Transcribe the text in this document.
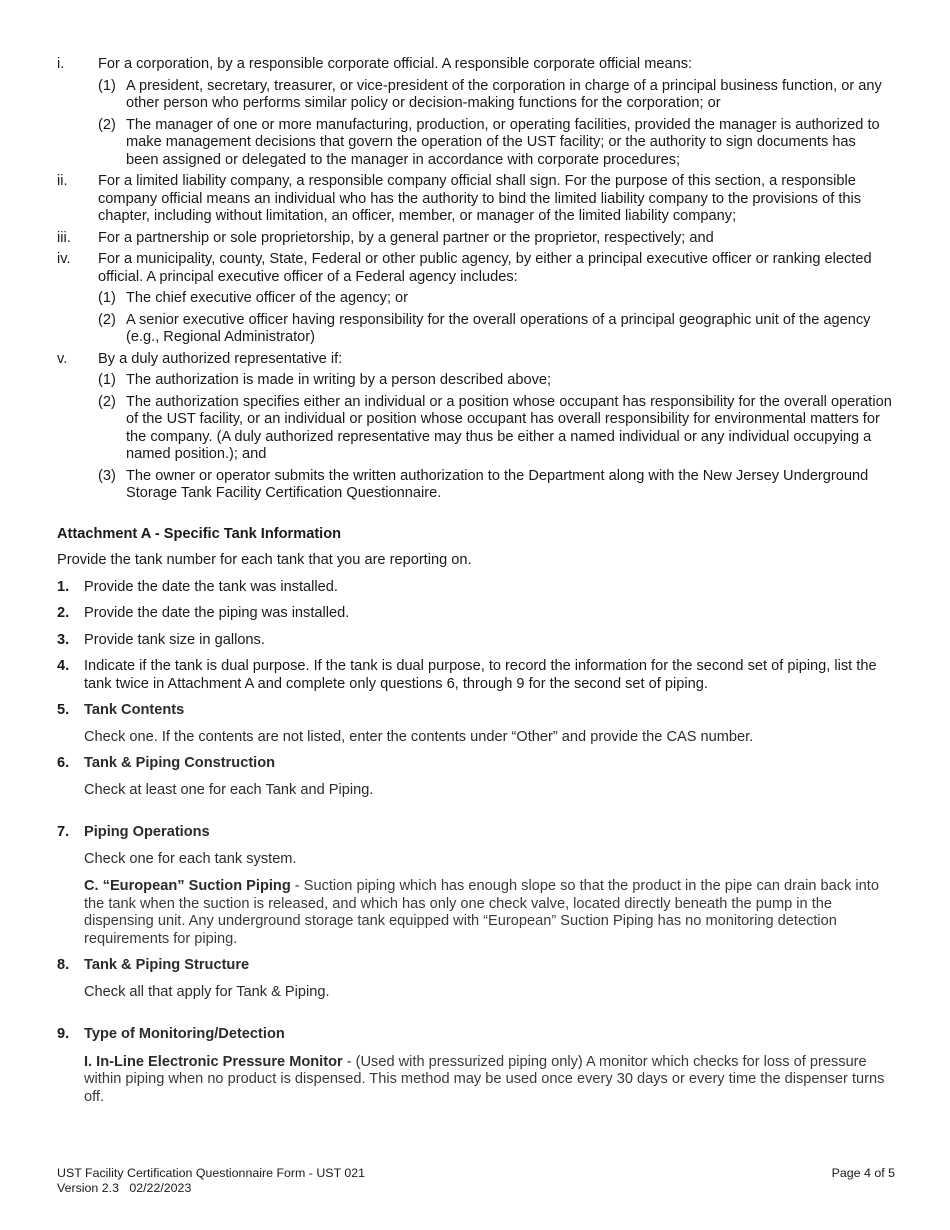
i. For a corporation, by a responsible corporate official. A responsible corporate official means:
(1) A president, secretary, treasurer, or vice-president of the corporation in charge of a principal business function, or any other person who performs similar policy or decision-making functions for the corporation; or
(2) The manager of one or more manufacturing, production, or operating facilities, provided the manager is authorized to make management decisions that govern the operation of the UST facility; or the authority to sign documents has been assigned or delegated to the manager in accordance with corporate procedures;
ii. For a limited liability company, a responsible company official shall sign. For the purpose of this section, a responsible company official means an individual who has the authority to bind the limited liability company to the provisions of this chapter, including without limitation, an officer, member, or manager of the limited liability company;
iii. For a partnership or sole proprietorship, by a general partner or the proprietor, respectively; and
iv. For a municipality, county, State, Federal or other public agency, by either a principal executive officer or ranking elected official. A principal executive officer of a Federal agency includes:
(1) The chief executive officer of the agency; or
(2) A senior executive officer having responsibility for the overall operations of a principal geographic unit of the agency (e.g., Regional Administrator)
v. By a duly authorized representative if:
(1) The authorization is made in writing by a person described above;
(2) The authorization specifies either an individual or a position whose occupant has responsibility for the overall operation of the UST facility, or an individual or position whose occupant has overall responsibility for environmental matters for the company. (A duly authorized representative may thus be either a named individual or any individual occupying a named position.); and
(3) The owner or operator submits the written authorization to the Department along with the New Jersey Underground Storage Tank Facility Certification Questionnaire.
Attachment A - Specific Tank Information
Provide the tank number for each tank that you are reporting on.
1. Provide the date the tank was installed.
2. Provide the date the piping was installed.
3. Provide tank size in gallons.
4. Indicate if the tank is dual purpose. If the tank is dual purpose, to record the information for the second set of piping, list the tank twice in Attachment A and complete only questions 6, through 9 for the second set of piping.
5. Tank Contents
Check one. If the contents are not listed, enter the contents under “Other” and provide the CAS number.
6. Tank & Piping Construction
Check at least one for each Tank and Piping.
7. Piping Operations
Check one for each tank system.
C. “European” Suction Piping - Suction piping which has enough slope so that the product in the pipe can drain back into the tank when the suction is released, and which has only one check valve, located directly beneath the pump in the dispensing unit. Any underground storage tank equipped with “European” Suction Piping has no monitoring detection requirements for piping.
8. Tank & Piping Structure
Check all that apply for Tank & Piping.
9. Type of Monitoring/Detection
I. In-Line Electronic Pressure Monitor - (Used with pressurized piping only) A monitor which checks for loss of pressure within piping when no product is dispensed. This method may be used once every 30 days or every time the dispenser turns off.
UST Facility Certification Questionnaire Form - UST 021
Version 2.3   02/22/2023
Page 4 of 5
